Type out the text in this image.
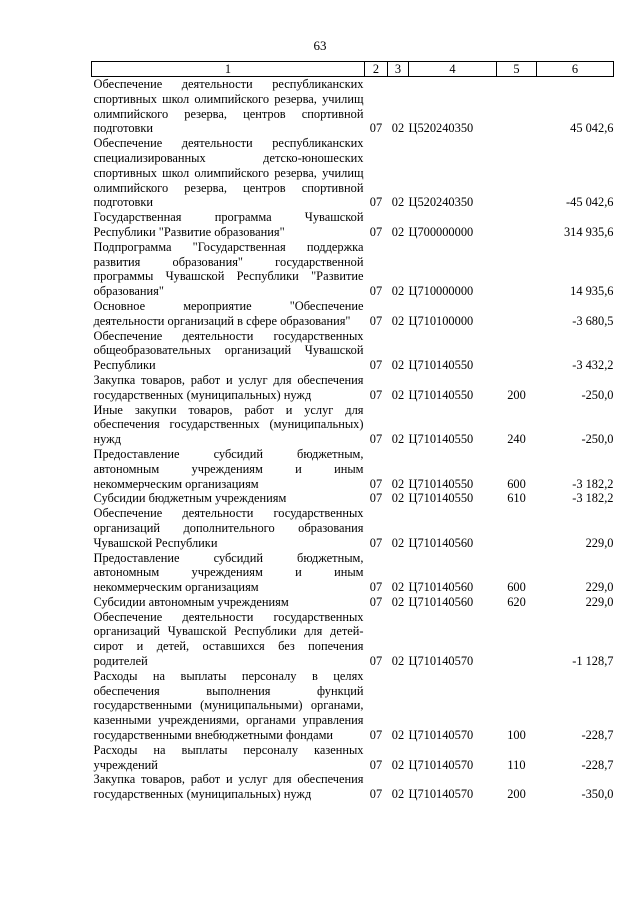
63
1	2	3	4	5	6
Обеспечение деятельности республиканских спортивных школ олимпийского резерва, училищ олимпийского резерва, центров спортивной подготовки	07	02	Ц520240350		45 042,6
Обеспечение деятельности республиканских специализированных детско-юношеских спортивных школ олимпийского резерва, училищ олимпийского резерва, центров спортивной подготовки	07	02	Ц520240350		-45 042,6
Государственная программа Чувашской Республики "Развитие образования"	07	02	Ц700000000		314 935,6
Подпрограмма "Государственная поддержка развития образования" государственной программы Чувашской Республики "Развитие образования"	07	02	Ц710000000		14 935,6
Основное мероприятие "Обеспечение деятельности организаций в сфере образования"	07	02	Ц710100000		-3 680,5
Обеспечение деятельности государственных общеобразовательных организаций Чувашской Республики	07	02	Ц710140550		-3 432,2
Закупка товаров, работ и услуг для обеспечения государственных (муниципальных) нужд	07	02	Ц710140550	200	-250,0
Иные закупки товаров, работ и услуг для обеспечения государственных (муниципальных) нужд	07	02	Ц710140550	240	-250,0
Предоставление субсидий бюджетным, автономным учреждениям и иным некоммерческим организациям	07	02	Ц710140550	600	-3 182,2
Субсидии бюджетным учреждениям	07	02	Ц710140550	610	-3 182,2
Обеспечение деятельности государственных организаций дополнительного образования Чувашской Республики	07	02	Ц710140560		229,0
Предоставление субсидий бюджетным, автономным учреждениям и иным некоммерческим организациям	07	02	Ц710140560	600	229,0
Субсидии автономным учреждениям	07	02	Ц710140560	620	229,0
Обеспечение деятельности государственных организаций Чувашской Республики для детей-сирот и детей, оставшихся без попечения родителей	07	02	Ц710140570		-1 128,7
Расходы на выплаты персоналу в целях обеспечения выполнения функций государственными (муниципальными) органами, казенными учреждениями, органами управления государственными внебюджетными фондами	07	02	Ц710140570	100	-228,7
Расходы на выплаты персоналу казенных учреждений	07	02	Ц710140570	110	-228,7
Закупка товаров, работ и услуг для обеспечения государственных (муниципальных) нужд	07	02	Ц710140570	200	-350,0
